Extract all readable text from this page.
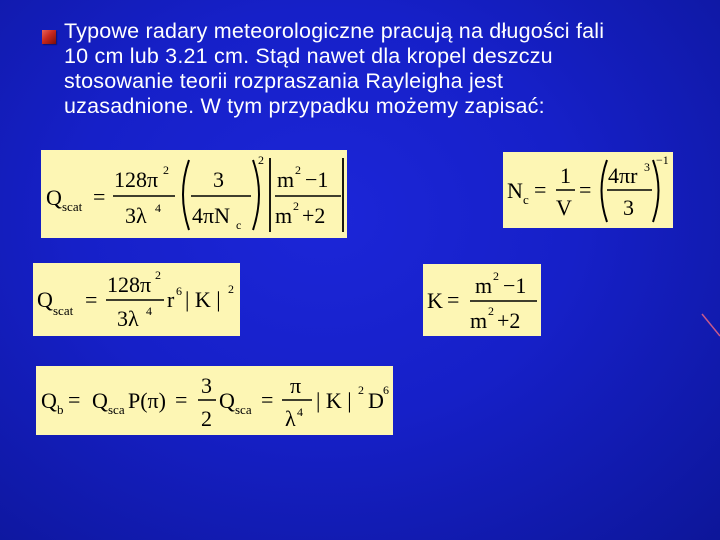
Typowe radary meteorologiczne pracują na długości fali
10 cm lub 3.21 cm. Stąd nawet dla kropel deszczu
stosowanie teorii rozpraszania Rayleigha jest
uzasadnione. W tym przypadku możemy zapisać:
Q scat =
128π 2
3λ 4
3
4πN c
2
m 2 −1
m 2 +2
N c =
1
V
=
4πr 3
3
−1
Q scat =
128π 2
3λ 4 r 6 | K | 2	K =
m 2 −1
m 2 +2
Q b = Q sca P(π) =
3
2
Q sca =
π
λ 4 | K | 2 D 6
